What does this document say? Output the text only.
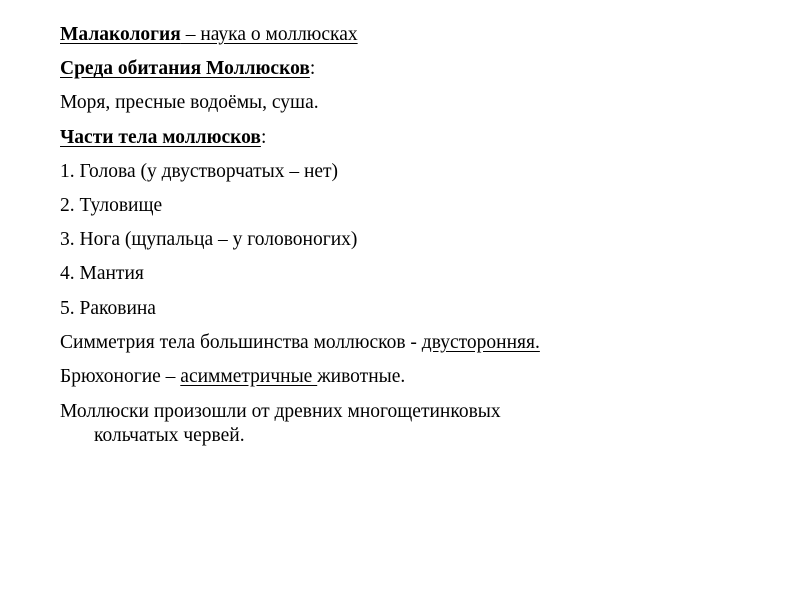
Малакология – наука о моллюсках
Среда обитания Моллюсков:
Моря, пресные водоёмы, суша.
Части тела моллюсков:
1. Голова (у двустворчатых – нет)
2. Туловище
3. Нога (щупальца – у головоногих)
4. Мантия
5. Раковина
Симметрия тела большинства моллюсков - двусторонняя.
Брюхоногие – асимметричные животные.
Моллюски произошли от древних многощетинковых
кольчатых червей.
